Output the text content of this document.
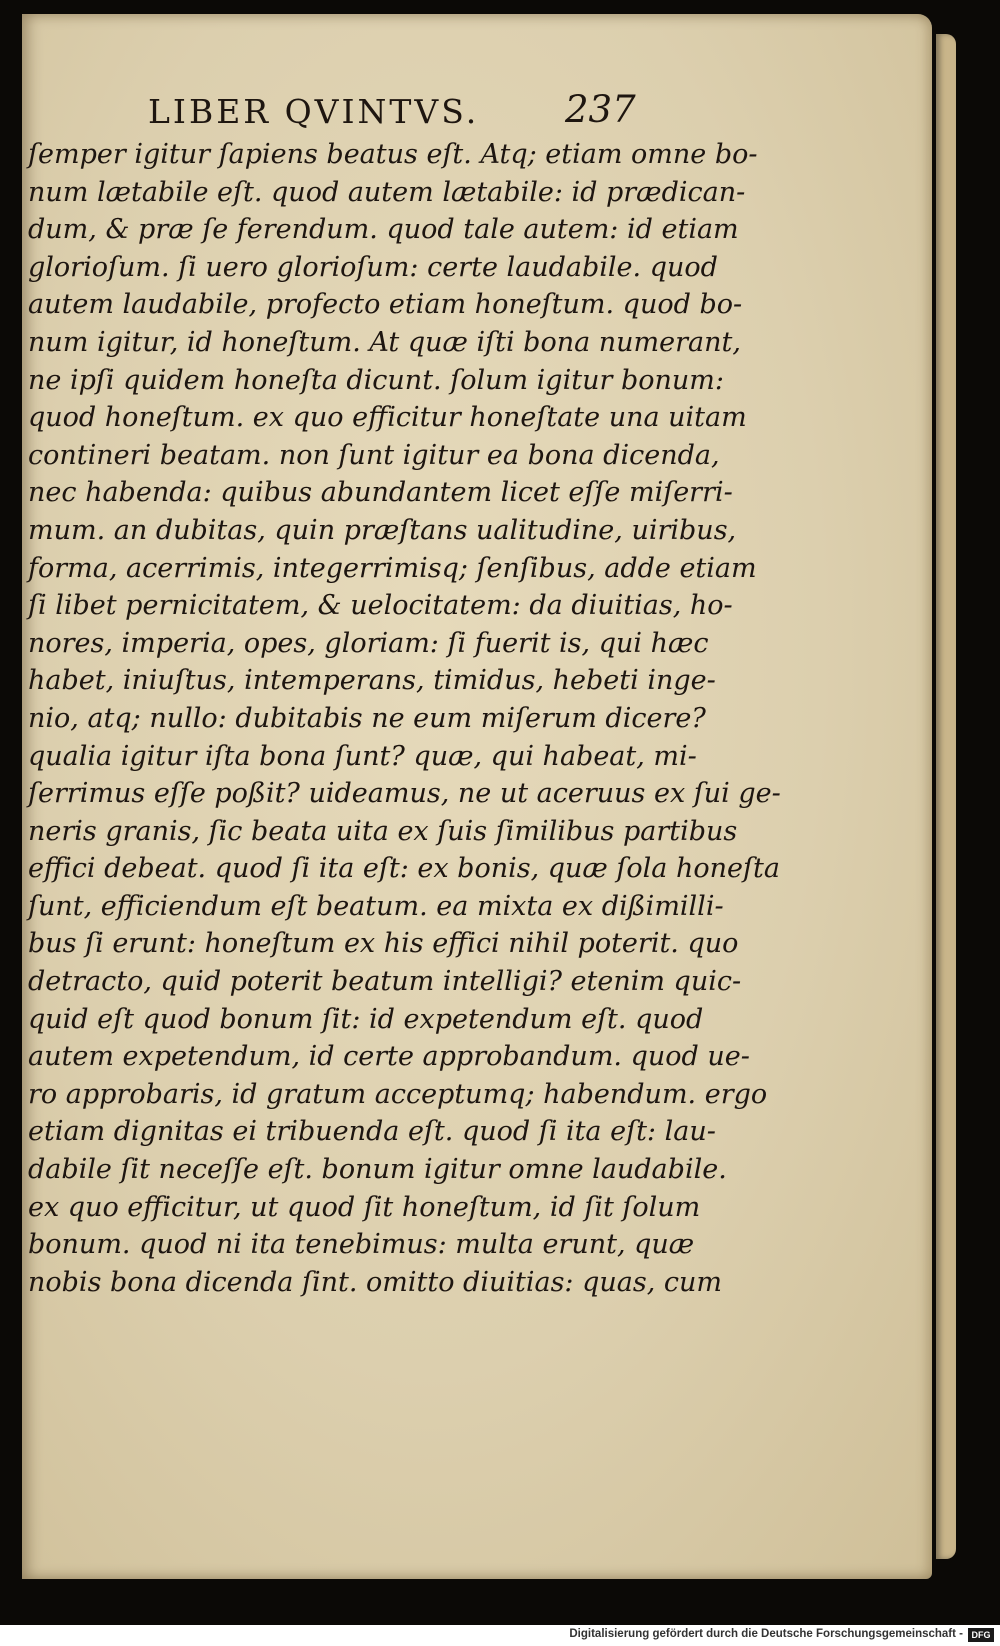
LIBER QVINTVS. 237
ſemper igitur ſapiens beatus eſt. Atq; etiam omne bo-
num lætabile eſt. quod autem lætabile: id prædican-
dum, & præ ſe ferendum. quod tale autem: id etiam
glorioſum. ſi uero glorioſum: certe laudabile. quod
autem laudabile, profecto etiam honeſtum. quod bo-
num igitur, id honeſtum. At quæ iſti bona numerant,
ne ipſi quidem honeſta dicunt. ſolum igitur bonum:
quod honeſtum. ex quo efficitur honeſtate una uitam
contineri beatam. non ſunt igitur ea bona dicenda,
nec habenda: quibus abundantem licet eſſe miſerri-
mum. an dubitas, quin præſtans ualitudine, uiribus,
forma, acerrimis, integerrimisq; ſenſibus, adde etiam
ſi libet pernicitatem, & uelocitatem: da diuitias, ho-
nores, imperia, opes, gloriam: ſi fuerit is, qui hæc
habet, iniuſtus, intemperans, timidus, hebeti inge-
nio, atq; nullo: dubitabis ne eum miſerum dicere?
qualia igitur iſta bona ſunt? quæ, qui habeat, mi-
ſerrimus eſſe poßit? uideamus, ne ut aceruus ex ſui ge-
neris granis, ſic beata uita ex ſuis ſimilibus partibus
effici debeat. quod ſi ita eſt: ex bonis, quæ ſola honeſta
ſunt, efficiendum eſt beatum. ea mixta ex dißimilli-
bus ſi erunt: honeſtum ex his effici nihil poterit. quo
detracto, quid poterit beatum intelligi? etenim quic-
quid eſt quod bonum ſit: id expetendum eſt. quod
autem expetendum, id certe approbandum. quod ue-
ro approbaris, id gratum acceptumq; habendum. ergo
etiam dignitas ei tribuenda eſt. quod ſi ita eſt: lau-
dabile ſit neceſſe eſt. bonum igitur omne laudabile.
ex quo efficitur, ut quod ſit honeſtum, id ſit ſolum
bonum. quod ni ita tenebimus: multa erunt, quæ
nobis bona dicenda ſint. omitto diuitias: quas, cum
Digitalisierung gefördert durch die Deutsche Forschungsgemeinschaft - DFG
